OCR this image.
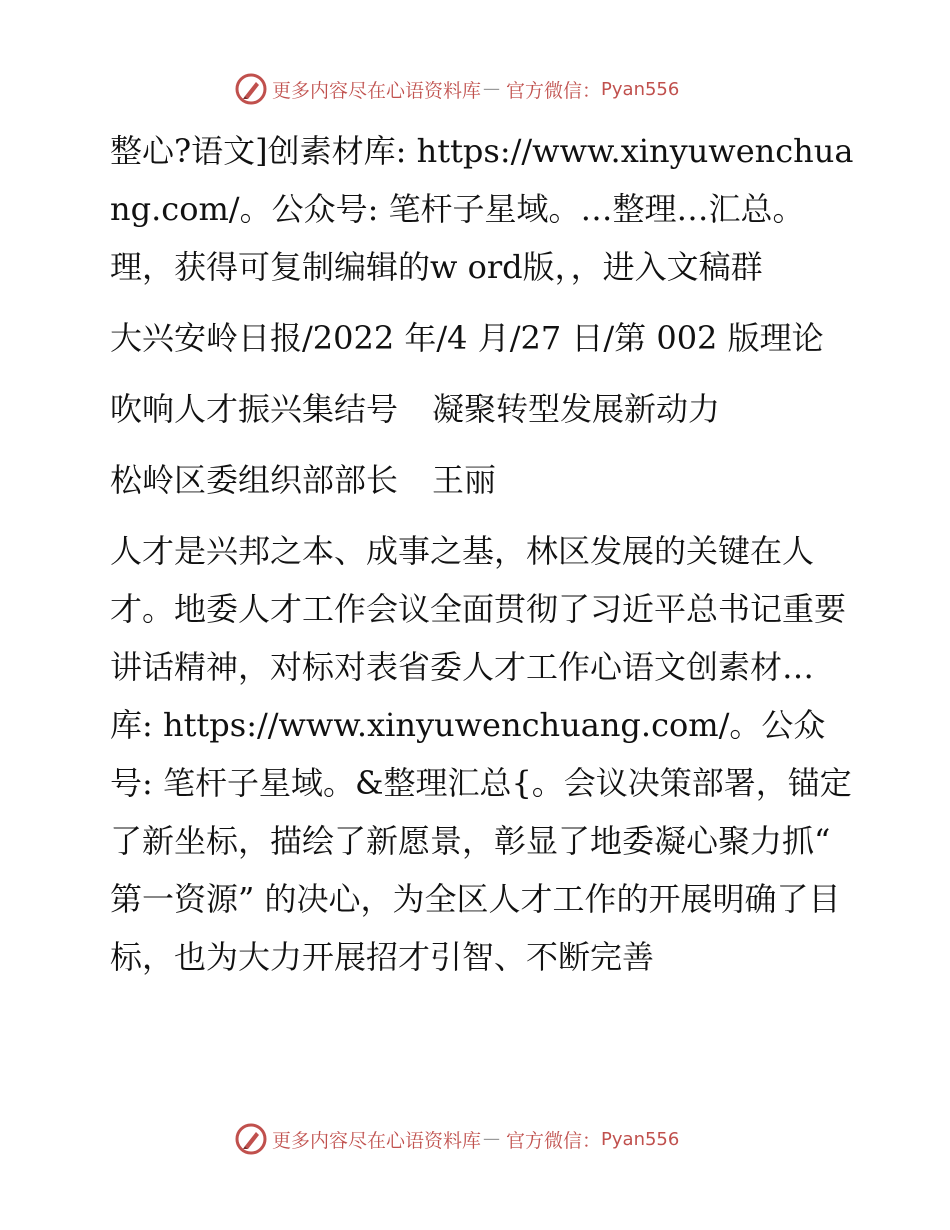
更多内容尽在心语资料库 — 官方微信： Pyan556

整心?语文]创素材库: https://www.xinyuwenchuang.com/。公众号: 笔杆子星域。…整理…汇总。理，获得可复制编辑的w ord版，，进入文稿群

大兴安岭日报/2022 年/4 月/27 日/第 002 版理论

吹响人才振兴集结号 凝聚转型发展新动力

松岭区委组织部部长 王丽

人才是兴邦之本、成事之基，林区发展的关键在人才。地委人才工作会议全面贯彻了习近平总书记重要讲话精神，对标对表省委人才工作心语文创素材…库: https://www.xinyuwenchuang.com/。公众号: 笔杆子星域。&整理汇总{。会议决策部署，锚定了新坐标，描绘了新愿景，彰显了地委凝心聚力抓“ 第一资源” 的决心，为全区人才工作的开展明确了目标，也为大力开展招才引智、不断完善

更多内容尽在心语资料库 — 官方微信： Pyan556
